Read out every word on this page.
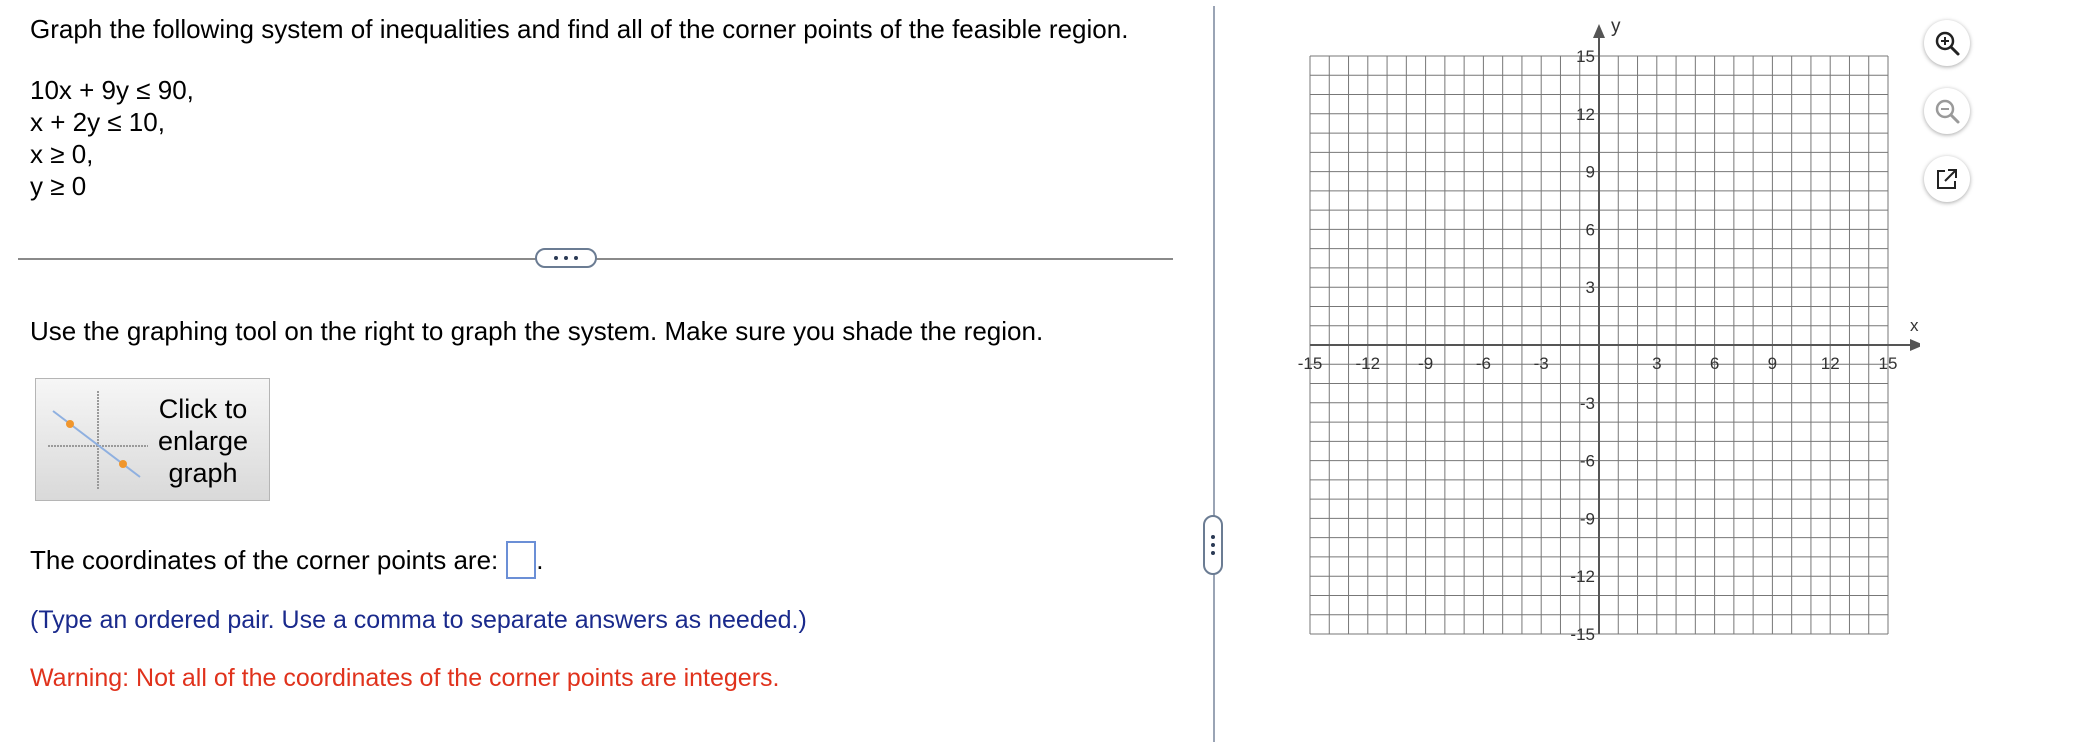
Graph the following system of inequalities and find all of the corner points of the feasible region.
10x + 9y ≤ 90,
x + 2y ≤ 10,
x ≥ 0,
y ≥ 0
Use the graphing tool on the right to graph the system. Make sure you shade the region.
Click to
enlarge
graph
The coordinates of the corner points are: .
(Type an ordered pair. Use a comma to separate answers as needed.)
Warning: Not all of the coordinates of the corner points are integers.
x
y
-15 -12 -9	-6	-3	3	6	9	12 15
15
12
9
6
3
-3
-6
-9
-12
-15
